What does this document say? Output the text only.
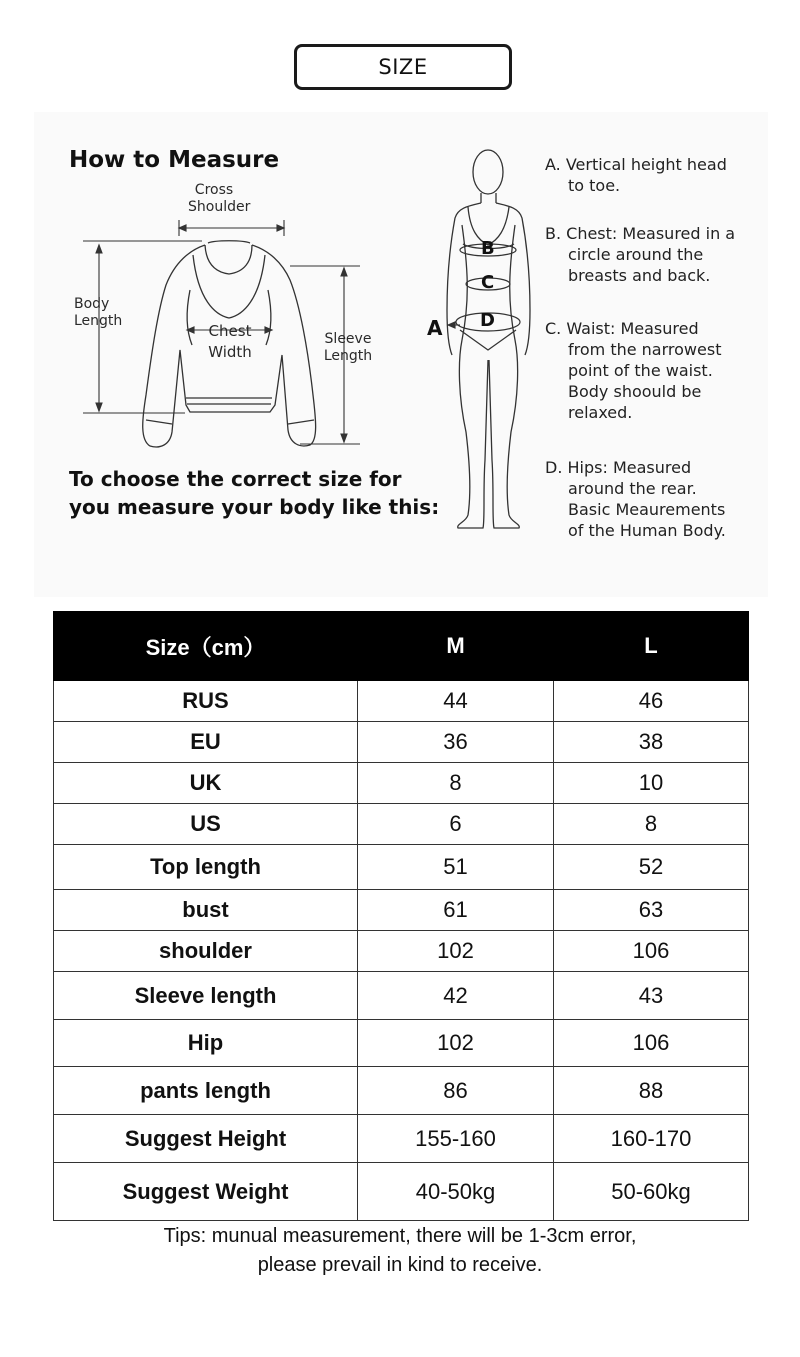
SIZE
How to Measure
Cross
Shoulder
Body
Length
Chest
Width
Sleeve
Length
A
B
C
D
To choose the correct size for
you measure your body like this:
A. Vertical height head
to toe.
B. Chest: Measured in a
circle around the
breasts and back.
C. Waist: Measured
from the narrowest
point of the waist.
Body shoould be
relaxed.
D. Hips: Measured
around the rear.
Basic Meaurements
of the Human Body.
Size（cm）	M	L
RUS	44	46
EU	36	38
UK	8	10
US	6	8
Top length	51	52
bust	61	63
shoulder	102	106
Sleeve length	42	43
Hip	102	106
pants length	86	88
Suggest Height	155-160	160-170
Suggest Weight	40-50kg	50-60kg
Tips: munual measurement, there will be 1-3cm error,
please prevail in kind to receive.
